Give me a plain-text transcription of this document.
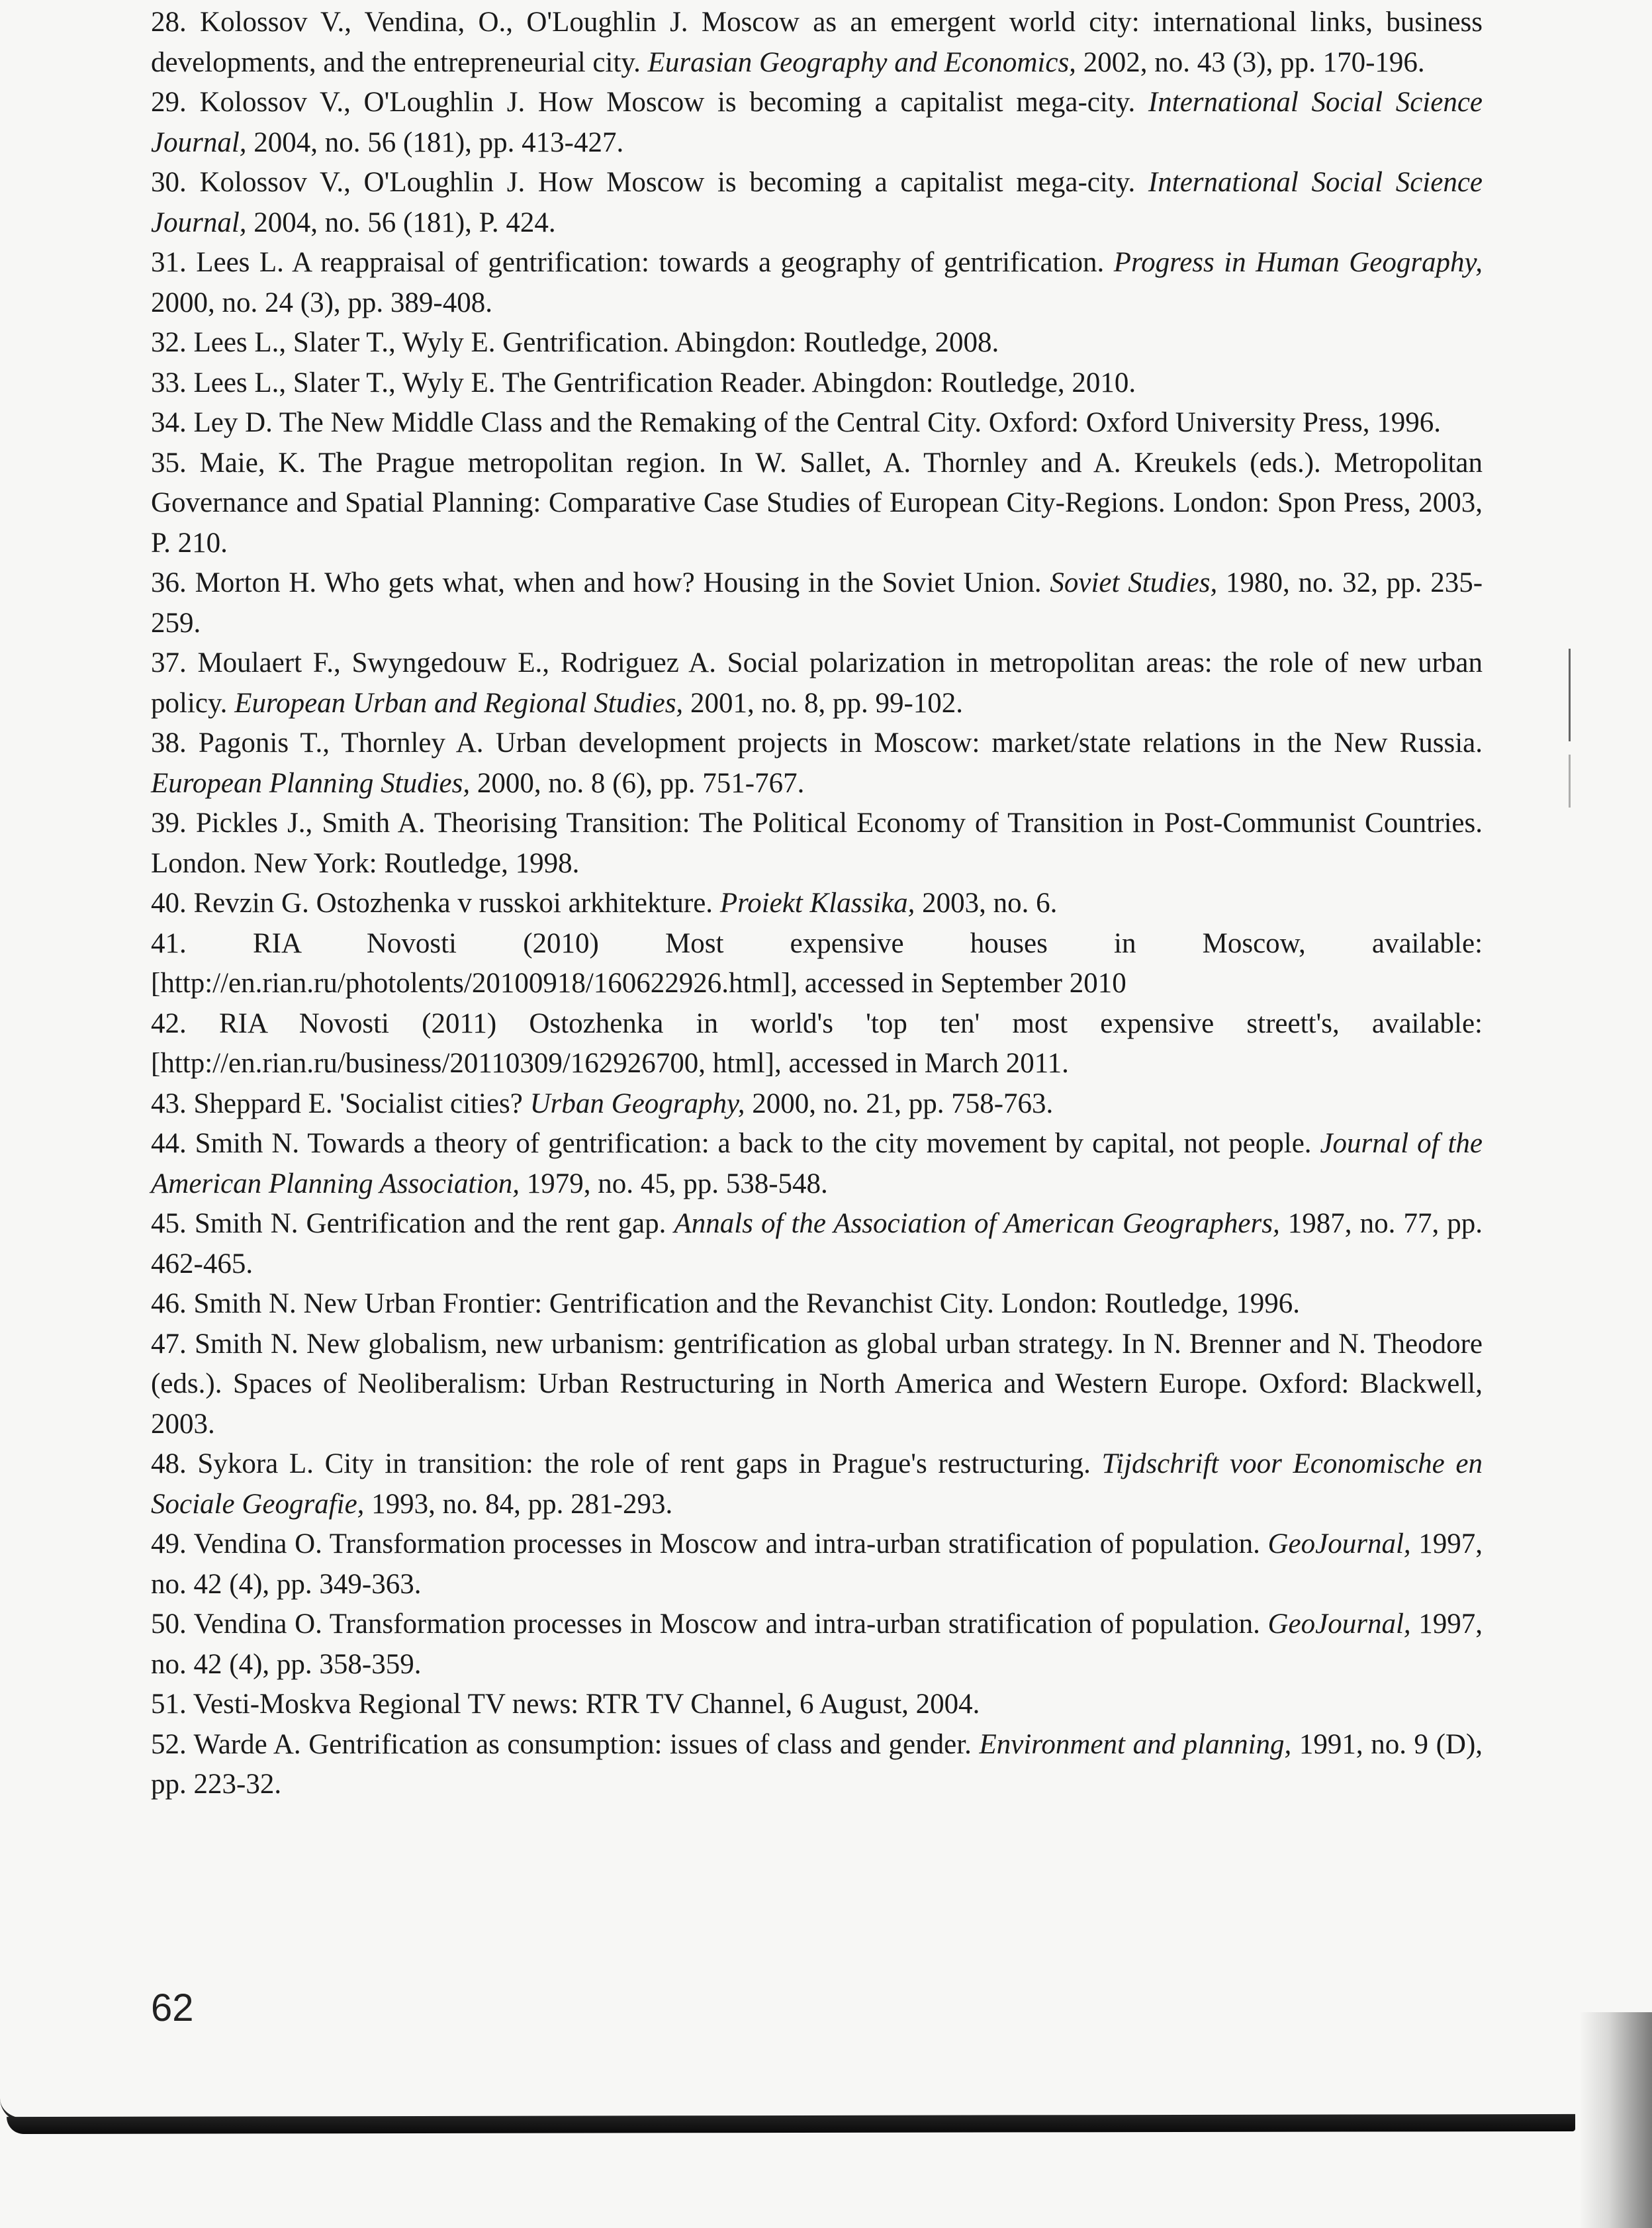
28. Kolossov V., Vendina, O., O'Loughlin J. Moscow as an emergent world city: international links, business developments, and the entrepreneurial city. Eurasian Geography and Economics, 2002, no. 43 (3), pp. 170-196.

29. Kolossov V., O'Loughlin J. How Moscow is becoming a capitalist mega-city. International Social Science Journal, 2004, no. 56 (181), pp. 413-427.

30. Kolossov V., O'Loughlin J. How Moscow is becoming a capitalist mega-city. International Social Science Journal, 2004, no. 56 (181), P. 424.

31. Lees L. A reappraisal of gentrification: towards a geography of gentrification. Progress in Human Geography, 2000, no. 24 (3), pp. 389-408.

32. Lees L., Slater T., Wyly E. Gentrification. Abingdon: Routledge, 2008.

33. Lees L., Slater T., Wyly E. The Gentrification Reader. Abingdon: Routledge, 2010.

34. Ley D. The New Middle Class and the Remaking of the Central City. Oxford: Oxford University Press, 1996.

35. Maie, K. The Prague metropolitan region. In W. Sallet, A. Thornley and A. Kreukels (eds.). Metropolitan Governance and Spatial Planning: Comparative Case Studies of European City-Regions. London: Spon Press, 2003, P. 210.

36. Morton H. Who gets what, when and how? Housing in the Soviet Union. Soviet Studies, 1980, no. 32, pp. 235-259.

37. Moulaert F., Swyngedouw E., Rodriguez A. Social polarization in metropolitan areas: the role of new urban policy. European Urban and Regional Studies, 2001, no. 8, pp. 99-102.

38. Pagonis T., Thornley A. Urban development projects in Moscow: market/state relations in the New Russia. European Planning Studies, 2000, no. 8 (6), pp. 751-767.

39. Pickles J., Smith A. Theorising Transition: The Political Economy of Transition in Post-Communist Countries. London. New York: Routledge, 1998.

40. Revzin G. Ostozhenka v russkoi arkhitekture. Proiekt Klassika, 2003, no. 6.

41. RIA Novosti (2010) Most expensive houses in Moscow, available: [http://en.rian.ru/photolents/20100918/160622926.html], accessed in September 2010

42. RIA Novosti (2011) Ostozhenka in world's 'top ten' most expensive streett's, available: [http://en.rian.ru/business/20110309/162926700, html], accessed in March 2011.

43. Sheppard E. 'Socialist cities? Urban Geography, 2000, no. 21, pp. 758-763.

44. Smith N. Towards a theory of gentrification: a back to the city movement by capital, not people. Journal of the American Planning Association, 1979, no. 45, pp. 538-548.

45. Smith N. Gentrification and the rent gap. Annals of the Association of American Geographers, 1987, no. 77, pp. 462-465.

46. Smith N. New Urban Frontier: Gentrification and the Revanchist City. London: Routledge, 1996.

47. Smith N. New globalism, new urbanism: gentrification as global urban strategy. In N. Brenner and N. Theodore (eds.). Spaces of Neoliberalism: Urban Restructuring in North America and Western Europe. Oxford: Blackwell, 2003.

48. Sykora L. City in transition: the role of rent gaps in Prague's restructuring. Tijdschrift voor Economische en Sociale Geografie, 1993, no. 84, pp. 281-293.

49. Vendina O. Transformation processes in Moscow and intra-urban stratification of population. GeoJournal, 1997, no. 42 (4), pp. 349-363.

50. Vendina O. Transformation processes in Moscow and intra-urban stratification of population. GeoJournal, 1997, no. 42 (4), pp. 358-359.

51. Vesti-Moskva Regional TV news: RTR TV Channel, 6 August, 2004.

52. Warde A. Gentrification as consumption: issues of class and gender. Environment and planning, 1991, no. 9 (D), pp. 223-32.

62
